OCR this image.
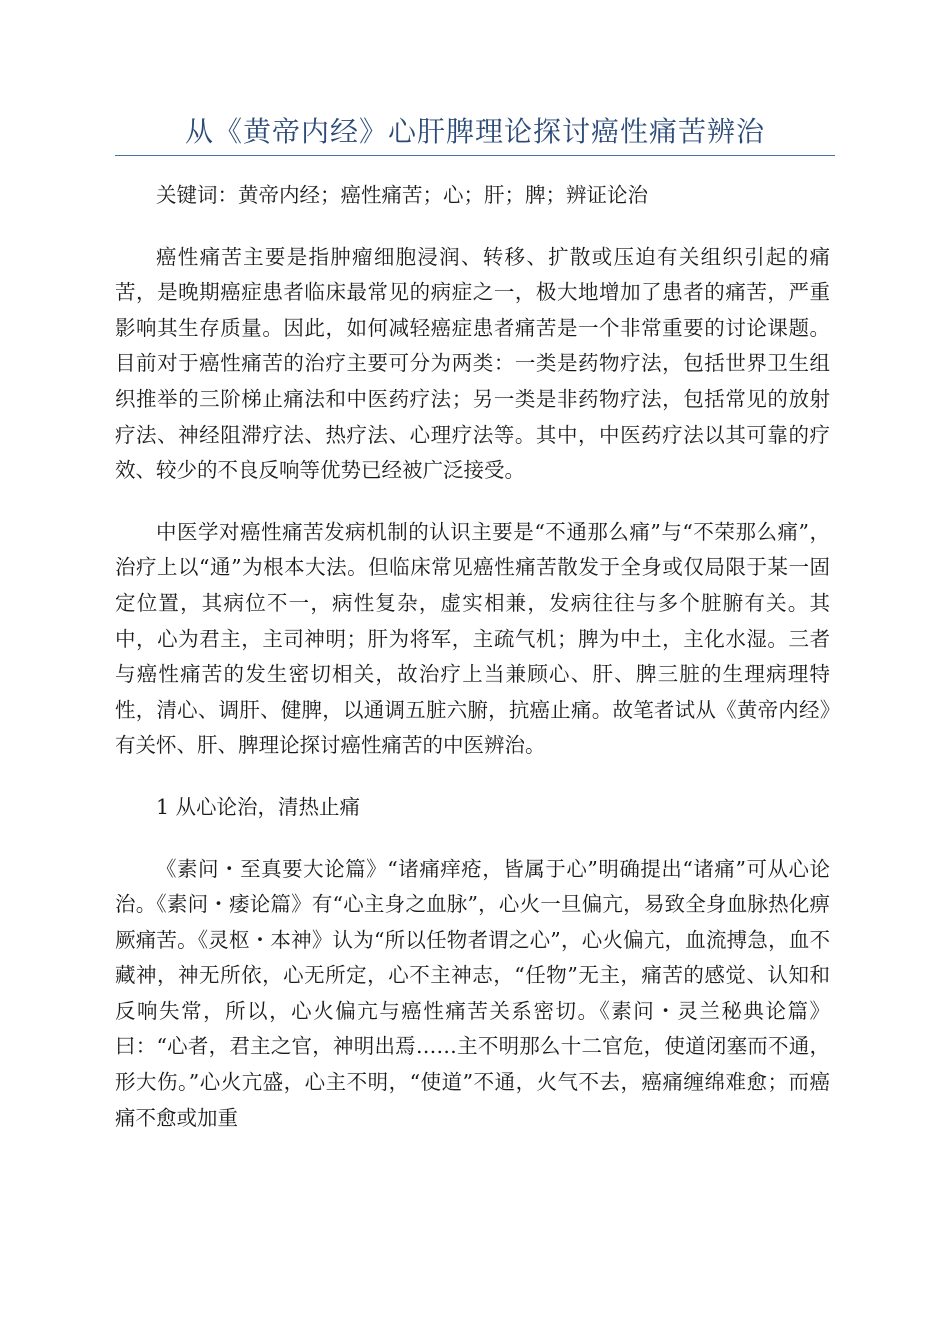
从《黄帝内经》心肝脾理论探讨癌性痛苦辨治

关键词：黄帝内经；癌性痛苦；心；肝；脾；辨证论治

癌性痛苦主要是指肿瘤细胞浸润、转移、扩散或压迫有关组织引起的痛苦，是晚期癌症患者临床最常见的病症之一，极大地增加了患者的痛苦，严重影响其生存质量。因此，如何减轻癌症患者痛苦是一个非常重要的讨论课题。目前对于癌性痛苦的治疗主要可分为两类：一类是药物疗法，包括世界卫生组织推举的三阶梯止痛法和中医药疗法；另一类是非药物疗法，包括常见的放射疗法、神经阻滞疗法、热疗法、心理疗法等。其中，中医药疗法以其可靠的疗效、较少的不良反响等优势已经被广泛接受。

中医学对癌性痛苦发病机制的认识主要是“不通那么痛”与“不荣那么痛”，治疗上以“通”为根本大法。但临床常见癌性痛苦散发于全身或仅局限于某一固定位置，其病位不一，病性复杂，虚实相兼，发病往往与多个脏腑有关。其中，心为君主，主司神明；肝为将军，主疏气机；脾为中土，主化水湿。三者与癌性痛苦的发生密切相关，故治疗上当兼顾心、肝、脾三脏的生理病理特性，清心、调肝、健脾，以通调五脏六腑，抗癌止痛。故笔者试从《黄帝内经》有关怀、肝、脾理论探讨癌性痛苦的中医辨治。

1 从心论治，清热止痛

《素问・至真要大论篇》“诸痛痒疮，皆属于心”明确提出“诸痛”可从心论治。《素问・痿论篇》有“心主身之血脉”，心火一旦偏亢，易致全身血脉热化痹厥痛苦。《灵枢・本神》认为“所以任物者谓之心”，心火偏亢，血流搏急，血不藏神，神无所依，心无所定，心不主神志，“任物”无主，痛苦的感觉、认知和反响失常，所以，心火偏亢与癌性痛苦关系密切。《素问・灵兰秘典论篇》曰：“心者，君主之官，神明出焉……主不明那么十二官危，使道闭塞而不通，形大伤。”心火亢盛，心主不明，“使道”不通，火气不去，癌痛缠绵难愈；而癌痛不愈或加重
